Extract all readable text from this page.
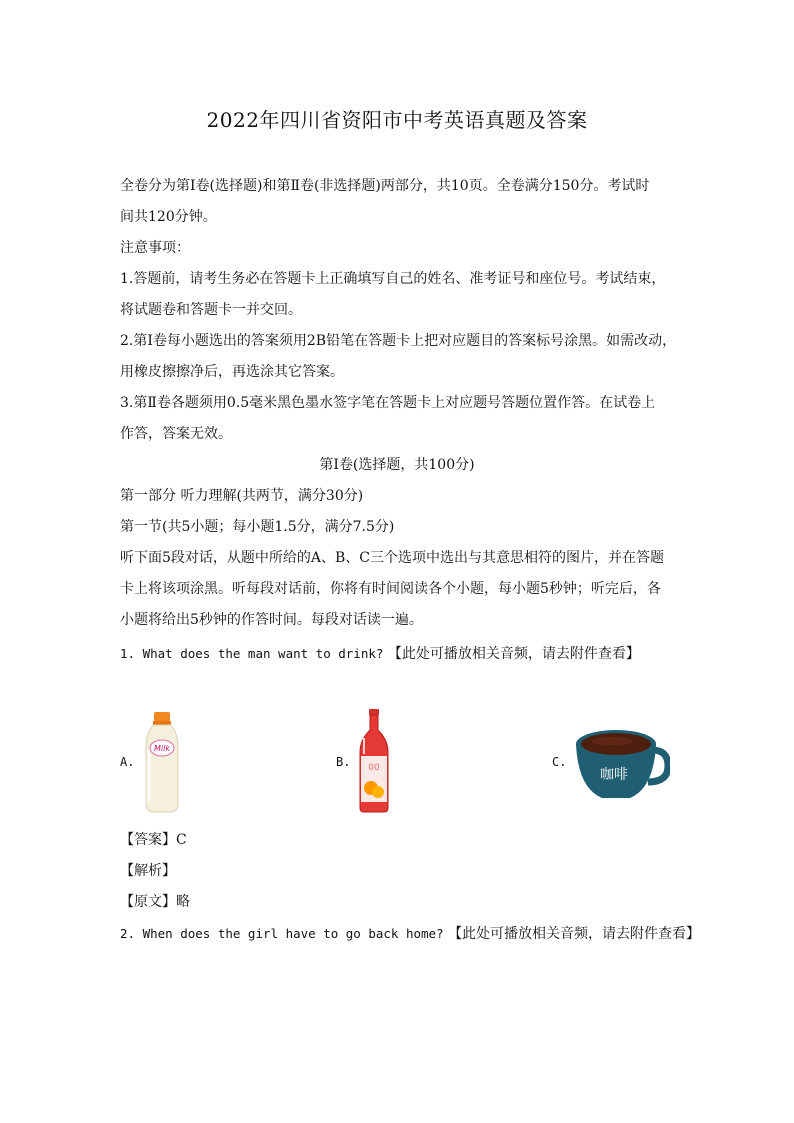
2022年四川省资阳市中考英语真题及答案
全卷分为第Ⅰ卷(选择题)和第Ⅱ卷(非选择题)两部分，共10页。全卷满分150分。考试时
间共120分钟。
注意事项：
1.答题前，请考生务必在答题卡上正确填写自己的姓名、准考证号和座位号。考试结束，
将试题卷和答题卡一并交回。
2.第Ⅰ卷每小题选出的答案须用2B铅笔在答题卡上把对应题目的答案标号涂黑。如需改动，
用橡皮擦擦净后，再选涂其它答案。
3.第Ⅱ卷各题须用0.5毫米黑色墨水签字笔在答题卡上对应题号答题位置作答。在试卷上
作答，答案无效。
第Ⅰ卷(选择题，共100分)
第一部分 听力理解(共两节，满分30分)
第一节(共5小题；每小题1.5分，满分7.5分)
听下面5段对话，从题中所给的A、B、C三个选项中选出与其意思相符的图片，并在答题
卡上将该项涂黑。听每段对话前，你将有时间阅读各个小题，每小题5秒钟；听完后，各
小题将给出5秒钟的作答时间。每段对话读一遍。
1. What does the man want to drink? 【此处可播放相关音频，请去附件查看】
A.
Milk
B. 00	C.
咖啡
【答案】C
【解析】
【原文】略
2. When does the girl have to go back home? 【此处可播放相关音频，请去附件查看】
